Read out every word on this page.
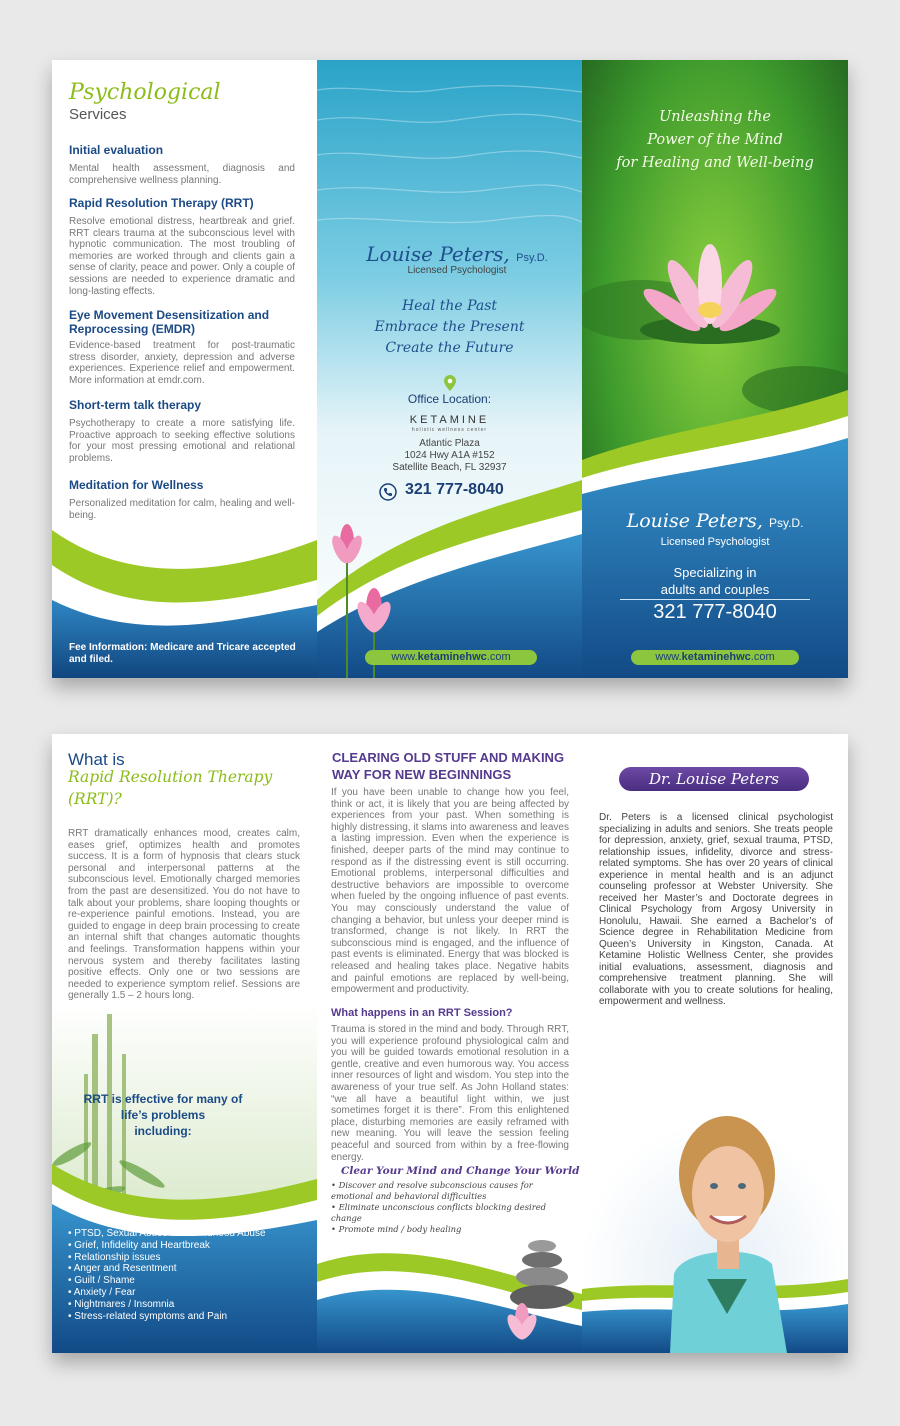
Psychological
Services
Initial evaluation
Mental health assessment, diagnosis and comprehensive wellness planning.
Rapid Resolution Therapy (RRT)
Resolve emotional distress, heartbreak and grief. RRT clears trauma at the subconscious level with hypnotic communication. The most troubling of memories are worked through and clients gain a sense of clarity, peace and power. Only a couple of sessions are needed to experience dramatic and long-lasting effects.
Eye Movement Desensitization and Reprocessing (EMDR)
Evidence-based treatment for post-traumatic stress disorder, anxiety, depression and adverse experiences. Experience relief and empowerment. More information at emdr.com.
Short-term talk therapy
Psychotherapy to create a more satisfying life. Proactive approach to seeking effective solutions for your most pressing emotional and relational problems.
Meditation for Wellness
Personalized meditation for calm, healing and well-being.
Fee Information: Medicare and Tricare accepted and filed.
Louise Peters, Psy.D.
Licensed Psychologist
Heal the Past
Embrace the Present
Create the Future
Office Location:
KETAMINE
holistic wellness center
Atlantic Plaza
1024 Hwy A1A #152
Satellite Beach, FL 32937
321 777-8040
www.ketaminehwc.com
Unleashing the
Power of the Mind
for Healing and Well-being
Louise Peters, Psy.D.
Licensed Psychologist
Specializing in
adults and couples
321 777-8040
www.ketaminehwc.com
What is
Rapid Resolution Therapy
(RRT)?
RRT dramatically enhances mood, creates calm, eases grief, optimizes health and promotes success. It is a form of hypnosis that clears stuck personal and interpersonal patterns at the subconscious level. Emotionally charged memories from the past are desensitized. You do not have to talk about your problems, share looping thoughts or re-experience painful emotions. Instead, you are guided to engage in deep brain processing to create an internal shift that changes automatic thoughts and feelings. Transformation happens within your nervous system and thereby facilitates lasting positive effects. Only one or two sessions are needed to experience symptom relief. Sessions are generally 1.5 – 2 hours long.
RRT is effective for many of
life’s problems
including:
• PTSD, Sexual Abuse and Childhood Abuse
• Grief, Infidelity and Heartbreak
• Relationship issues
• Anger and Resentment
• Guilt / Shame
• Anxiety / Fear
• Nightmares / Insomnia
• Stress-related symptoms and Pain
CLEARING OLD STUFF AND MAKING WAY FOR NEW BEGINNINGS
If you have been unable to change how you feel, think or act, it is likely that you are being affected by experiences from your past. When something is highly distressing, it slams into awareness and leaves a lasting impression. Even when the experience is finished, deeper parts of the mind may continue to respond as if the distressing event is still occurring. Emotional problems, interpersonal difficulties and destructive behaviors are impossible to overcome when fueled by the ongoing influence of past events. You may consciously understand the value of changing a behavior, but unless your deeper mind is transformed, change is not likely. In RRT the subconscious mind is engaged, and the influence of past events is eliminated. Energy that was blocked is released and healing takes place. Negative habits and painful emotions are replaced by well-being, empowerment and productivity.
What happens in an RRT Session?
Trauma is stored in the mind and body. Through RRT, you will experience profound physiological calm and you will be guided towards emotional resolution in a gentle, creative and even humorous way. You access inner resources of light and wisdom. You step into the awareness of your true self. As John Holland states: “we all have a beautiful light within, we just sometimes forget it is there”. From this enlightened place, disturbing memories are easily reframed with new meaning. You will leave the session feeling peaceful and sourced from within by a free-flowing energy.
Clear Your Mind and Change Your World
• Discover and resolve subconscious causes for emotional and behavioral difficulties
• Eliminate unconscious conflicts blocking desired change
• Promote mind / body healing
Dr. Louise Peters
Dr. Peters is a licensed clinical psychologist specializing in adults and seniors. She treats people for depression, anxiety, grief, sexual trauma, PTSD, relationship issues, infidelity, divorce and stress-related symptoms. She has over 20 years of clinical experience in mental health and is an adjunct counseling professor at Webster University. She received her Master’s and Doctorate degrees in Clinical Psychology from Argosy University in Honolulu, Hawaii. She earned a Bachelor’s of Science degree in Rehabilitation Medicine from Queen’s University in Kingston, Canada. At Ketamine Holistic Wellness Center, she provides initial evaluations, assessment, diagnosis and comprehensive treatment planning. She will collaborate with you to create solutions for healing, empowerment and wellness.
